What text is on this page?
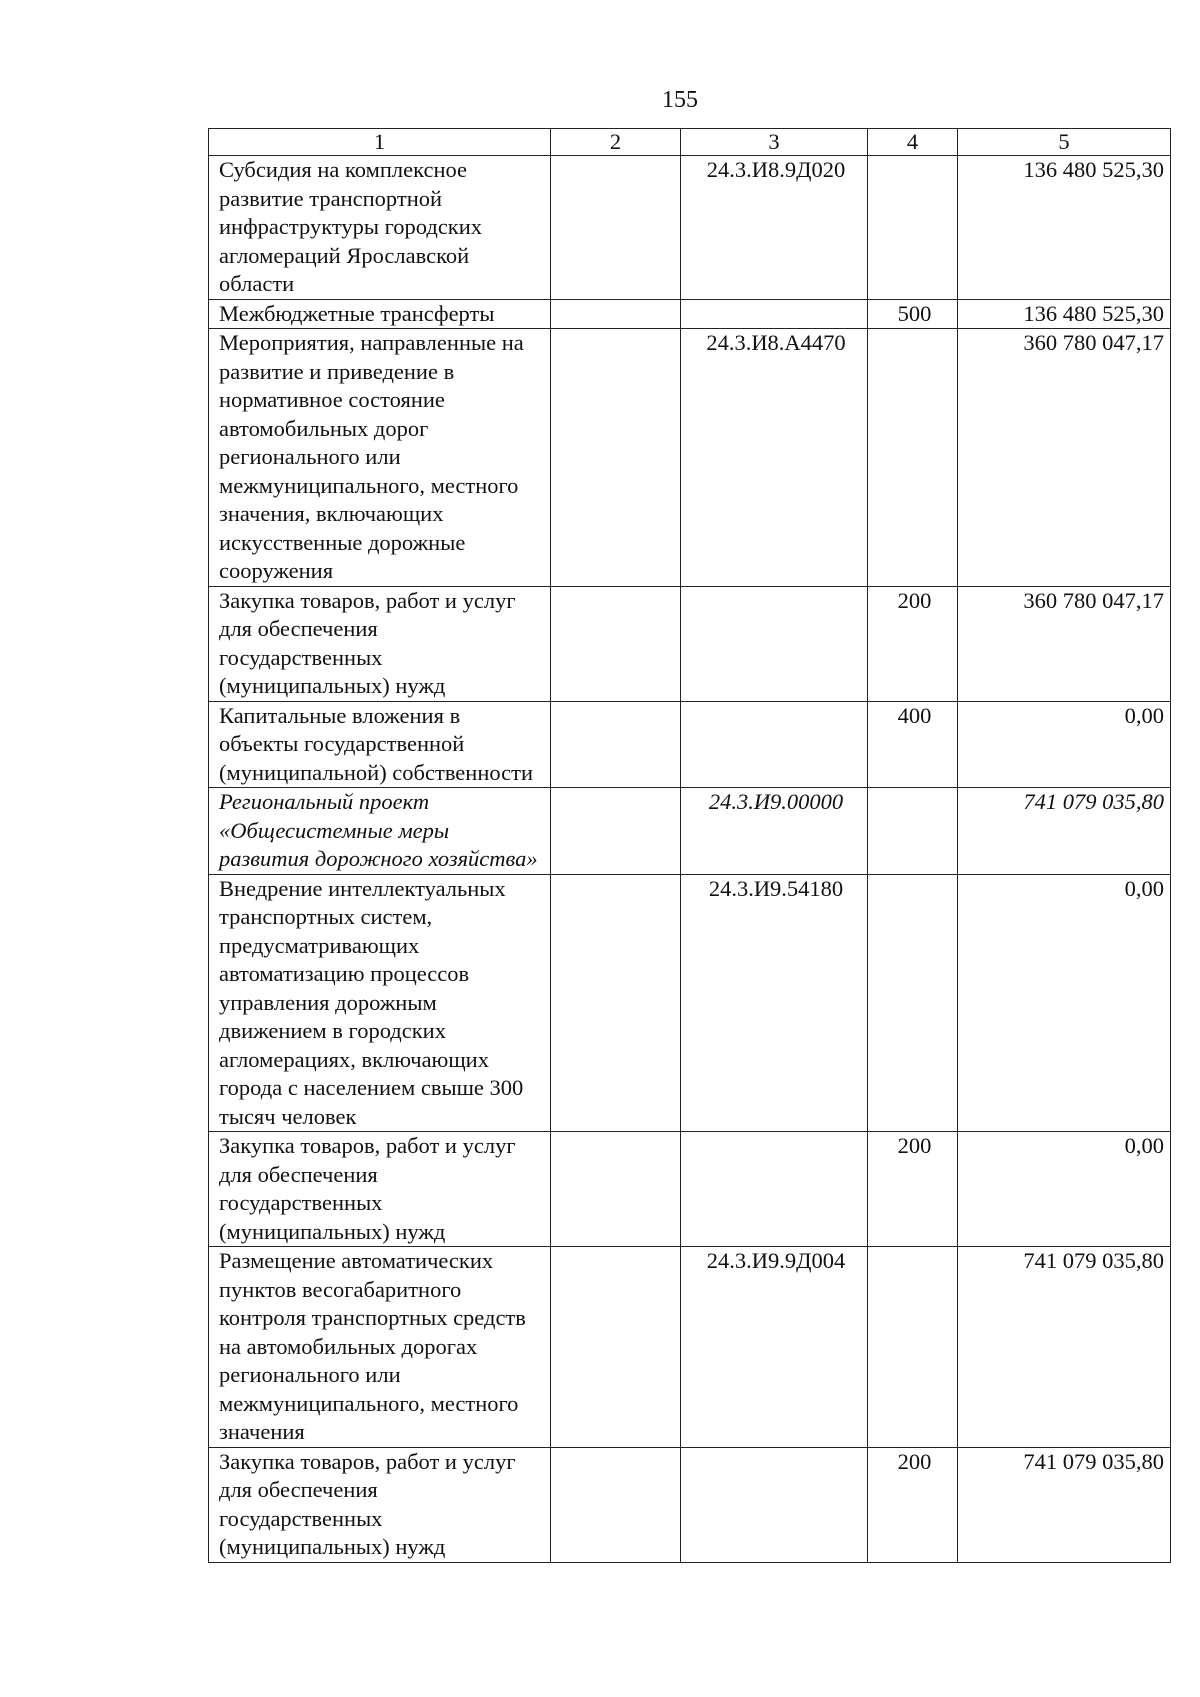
155
1	2	3	4	5
Субсидия на комплексное развитие транспортной инфраструктуры городских агломераций Ярославской области		24.3.И8.9Д020		136 480 525,30
Межбюджетные трансферты			500	136 480 525,30
Мероприятия, направленные на развитие и приведение в нормативное состояние автомобильных дорог регионального или межмуниципального, местного значения, включающих искусственные дорожные сооружения		24.3.И8.А4470		360 780 047,17
Закупка товаров, работ и услуг для обеспечения государственных (муниципальных) нужд			200	360 780 047,17
Капитальные вложения в объекты государственной (муниципальной) собственности			400	0,00
Региональный проект «Общесистемные меры развития дорожного хозяйства»		24.3.И9.00000		741 079 035,80
Внедрение интеллектуальных транспортных систем, предусматривающих автоматизацию процессов управления дорожным движением в городских агломерациях, включающих города с населением свыше 300 тысяч человек		24.3.И9.54180		0,00
Закупка товаров, работ и услуг для обеспечения государственных (муниципальных) нужд			200	0,00
Размещение автоматических пунктов весогабаритного контроля транспортных средств на автомобильных дорогах регионального или межмуниципального, местного значения		24.3.И9.9Д004		741 079 035,80
Закупка товаров, работ и услуг для обеспечения государственных (муниципальных) нужд			200	741 079 035,80
